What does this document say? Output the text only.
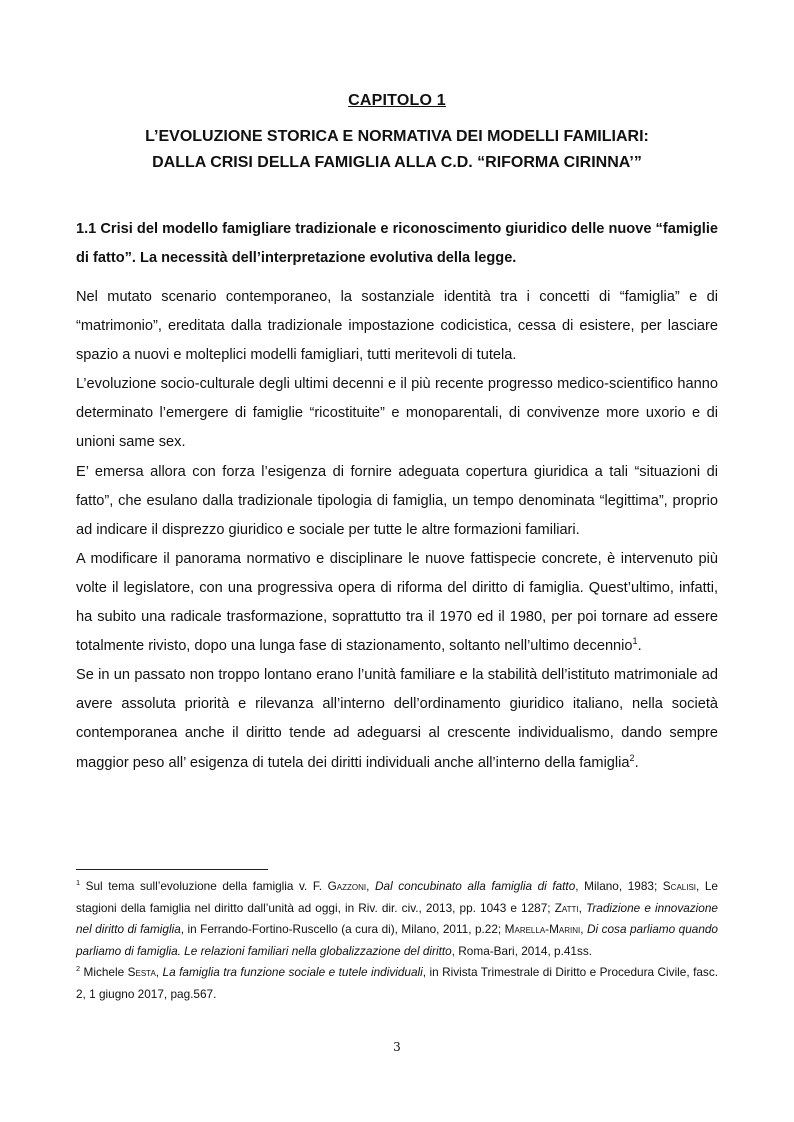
CAPITOLO 1
L’EVOLUZIONE STORICA E NORMATIVA DEI MODELLI FAMILIARI:
DALLA CRISI DELLA FAMIGLIA ALLA C.D. “RIFORMA CIRINNA’”
1.1 Crisi del modello famigliare tradizionale e riconoscimento giuridico delle nuove “famiglie di fatto”. La necessità dell’interpretazione evolutiva della legge.

Nel mutato scenario contemporaneo, la sostanziale identità tra i concetti di “famiglia” e di “matrimonio”, ereditata dalla tradizionale impostazione codicistica, cessa di esistere, per lasciare spazio a nuovi e molteplici modelli famigliari, tutti meritevoli di tutela.

L’evoluzione socio-culturale degli ultimi decenni e il più recente progresso medico-scientifico hanno determinato l’emergere di famiglie “ricostituite” e monoparentali, di convivenze more uxorio e di unioni same sex.

E’ emersa allora con forza l’esigenza di fornire adeguata copertura giuridica a tali “situazioni di fatto”, che esulano dalla tradizionale tipologia di famiglia, un tempo denominata “legittima”, proprio ad indicare il disprezzo giuridico e sociale per tutte le altre formazioni familiari.

A modificare il panorama normativo e disciplinare le nuove fattispecie concrete, è intervenuto più volte il legislatore, con una progressiva opera di riforma del diritto di famiglia. Quest’ultimo, infatti, ha subito una radicale trasformazione, soprattutto tra il 1970 ed il 1980, per poi tornare ad essere totalmente rivisto, dopo una lunga fase di stazionamento, soltanto nell’ultimo decennio$^1$.

Se in un passato non troppo lontano erano l’unità familiare e la stabilità dell’istituto matrimoniale ad avere assoluta priorità e rilevanza all’interno dell’ordinamento giuridico italiano, nella società contemporanea anche il diritto tende ad adeguarsi al crescente individualismo, dando sempre maggior peso all’ esigenza di tutela dei diritti individuali anche all’interno della famiglia$^2$.

$^1$ Sul tema sull’evoluzione della famiglia v. F. Gazzoni, Dal concubinato alla famiglia di fatto, Milano, 1983; Scalisi, Le stagioni della famiglia nel diritto dall’unità ad oggi, in Riv. dir. civ., 2013, pp. 1043 e 1287; Zatti, Tradizione e innovazione nel diritto di famiglia, in Ferrando-Fortino-Ruscello (a cura di), Milano, 2011, p.22; Marella-Marini, Di cosa parliamo quando parliamo di famiglia. Le relazioni familiari nella globalizzazione del diritto, Roma-Bari, 2014, p.41ss.

$^2$ Michele Sesta, La famiglia tra funzione sociale e tutele individuali, in Rivista Trimestrale di Diritto e Procedura Civile, fasc. 2, 1 giugno 2017, pag.567.

3
